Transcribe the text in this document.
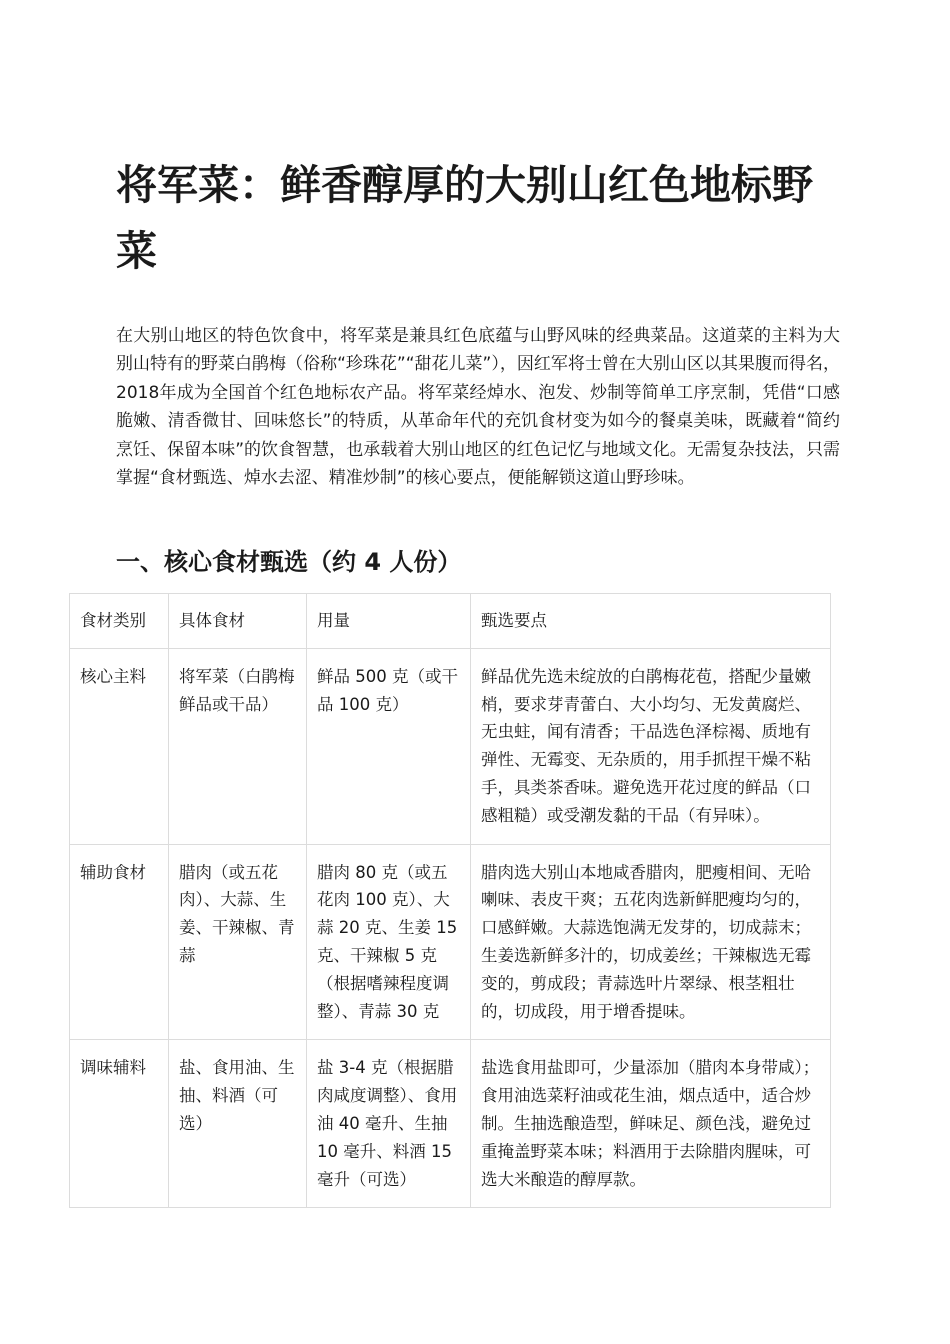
将军菜：鲜香醇厚的大别山红色地标野菜

在大别山地区的特色饮食中，将军菜是兼具红色底蕴与山野风味的经典菜品。这道菜的主料为大别山特有的野菜白鹃梅（俗称“珍珠花”“甜花儿菜”），因红军将士曾在大别山区以其果腹而得名，2018年成为全国首个红色地标农产品。将军菜经焯水、泡发、炒制等简单工序烹制，凭借“口感脆嫩、清香微甘、回味悠长”的特质，从革命年代的充饥食材变为如今的餐桌美味，既藏着“简约烹饪、保留本味”的饮食智慧，也承载着大别山地区的红色记忆与地域文化。无需复杂技法，只需掌握“食材甄选、焯水去涩、精准炒制”的核心要点，便能解锁这道山野珍味。

一、核心食材甄选（约 4 人份）
食材类别	具体食材	用量	甄选要点
核心主料	将军菜（白鹃梅鲜品或干品）	鲜品 500 克（或干品 100 克）	鲜品优先选未绽放的白鹃梅花苞，搭配少量嫩梢，要求芽青蕾白、大小均匀、无发黄腐烂、无虫蛀，闻有清香；干品选色泽棕褐、质地有弹性、无霉变、无杂质的，用手抓捏干燥不粘手，具类茶香味。避免选开花过度的鲜品（口感粗糙）或受潮发黏的干品（有异味）。
辅助食材	腊肉（或五花肉）、大蒜、生姜、干辣椒、青蒜	腊肉 80 克（或五花肉 100 克）、大蒜 20 克、生姜 15 克、干辣椒 5 克（根据嗜辣程度调整）、青蒜 30 克	腊肉选大别山本地咸香腊肉，肥瘦相间、无哈喇味、表皮干爽；五花肉选新鲜肥瘦均匀的，口感鲜嫩。大蒜选饱满无发芽的，切成蒜末；生姜选新鲜多汁的，切成姜丝；干辣椒选无霉变的，剪成段；青蒜选叶片翠绿、根茎粗壮的，切成段，用于增香提味。
调味辅料	盐、食用油、生抽、料酒（可选）	盐 3-4 克（根据腊肉咸度调整）、食用油 40 毫升、生抽 10 毫升、料酒 15 毫升（可选）	盐选食用盐即可，少量添加（腊肉本身带咸）；食用油选菜籽油或花生油，烟点适中，适合炒制。生抽选酿造型，鲜味足、颜色浅，避免过重掩盖野菜本味；料酒用于去除腊肉腥味，可选大米酿造的醇厚款。
